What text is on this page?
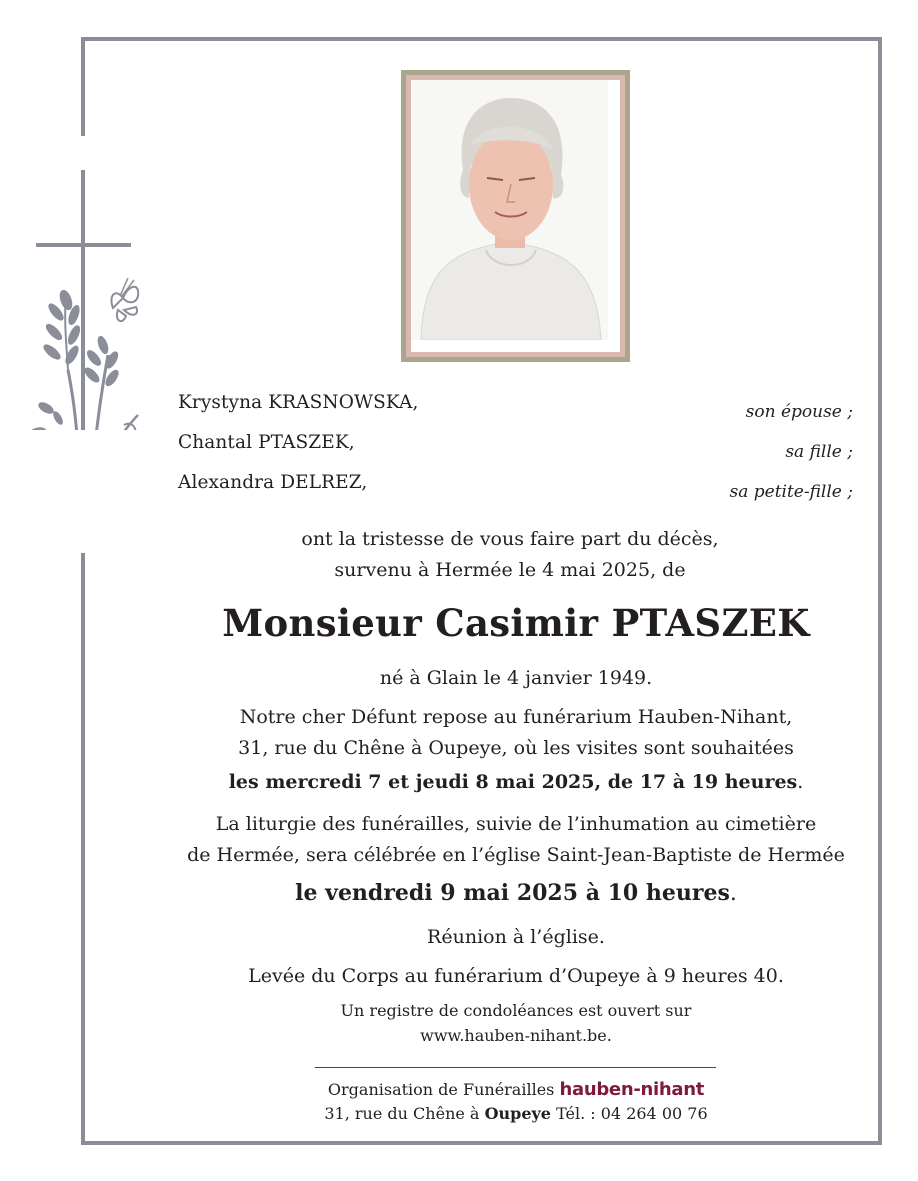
Krystyna KRASNOWSKA,	son épouse ;
Chantal PTASZEK,	sa fille ;
Alexandra DELREZ,	sa petite-fille ;
ont la tristesse de vous faire part du décès,
survenu à Hermée le 4 mai 2025, de
Monsieur Casimir PTASZEK
né à Glain le 4 janvier 1949.
Notre cher Défunt repose au funérarium Hauben-Nihant,
31, rue du Chêne à Oupeye, où les visites sont souhaitées
les mercredi 7 et jeudi 8 mai 2025, de 17 à 19 heures.
La liturgie des funérailles, suivie de l’inhumation au cimetière
de Hermée, sera célébrée en l’église Saint-Jean-Baptiste de Hermée
le vendredi 9 mai 2025 à 10 heures.
Réunion à l’église.
Levée du Corps au funérarium d’Oupeye à 9 heures 40.
Un registre de condoléances est ouvert sur
www.hauben-nihant.be.
Organisation de Funérailles hauben-nihant
31, rue du Chêne à Oupeye Tél. : 04 264 00 76
